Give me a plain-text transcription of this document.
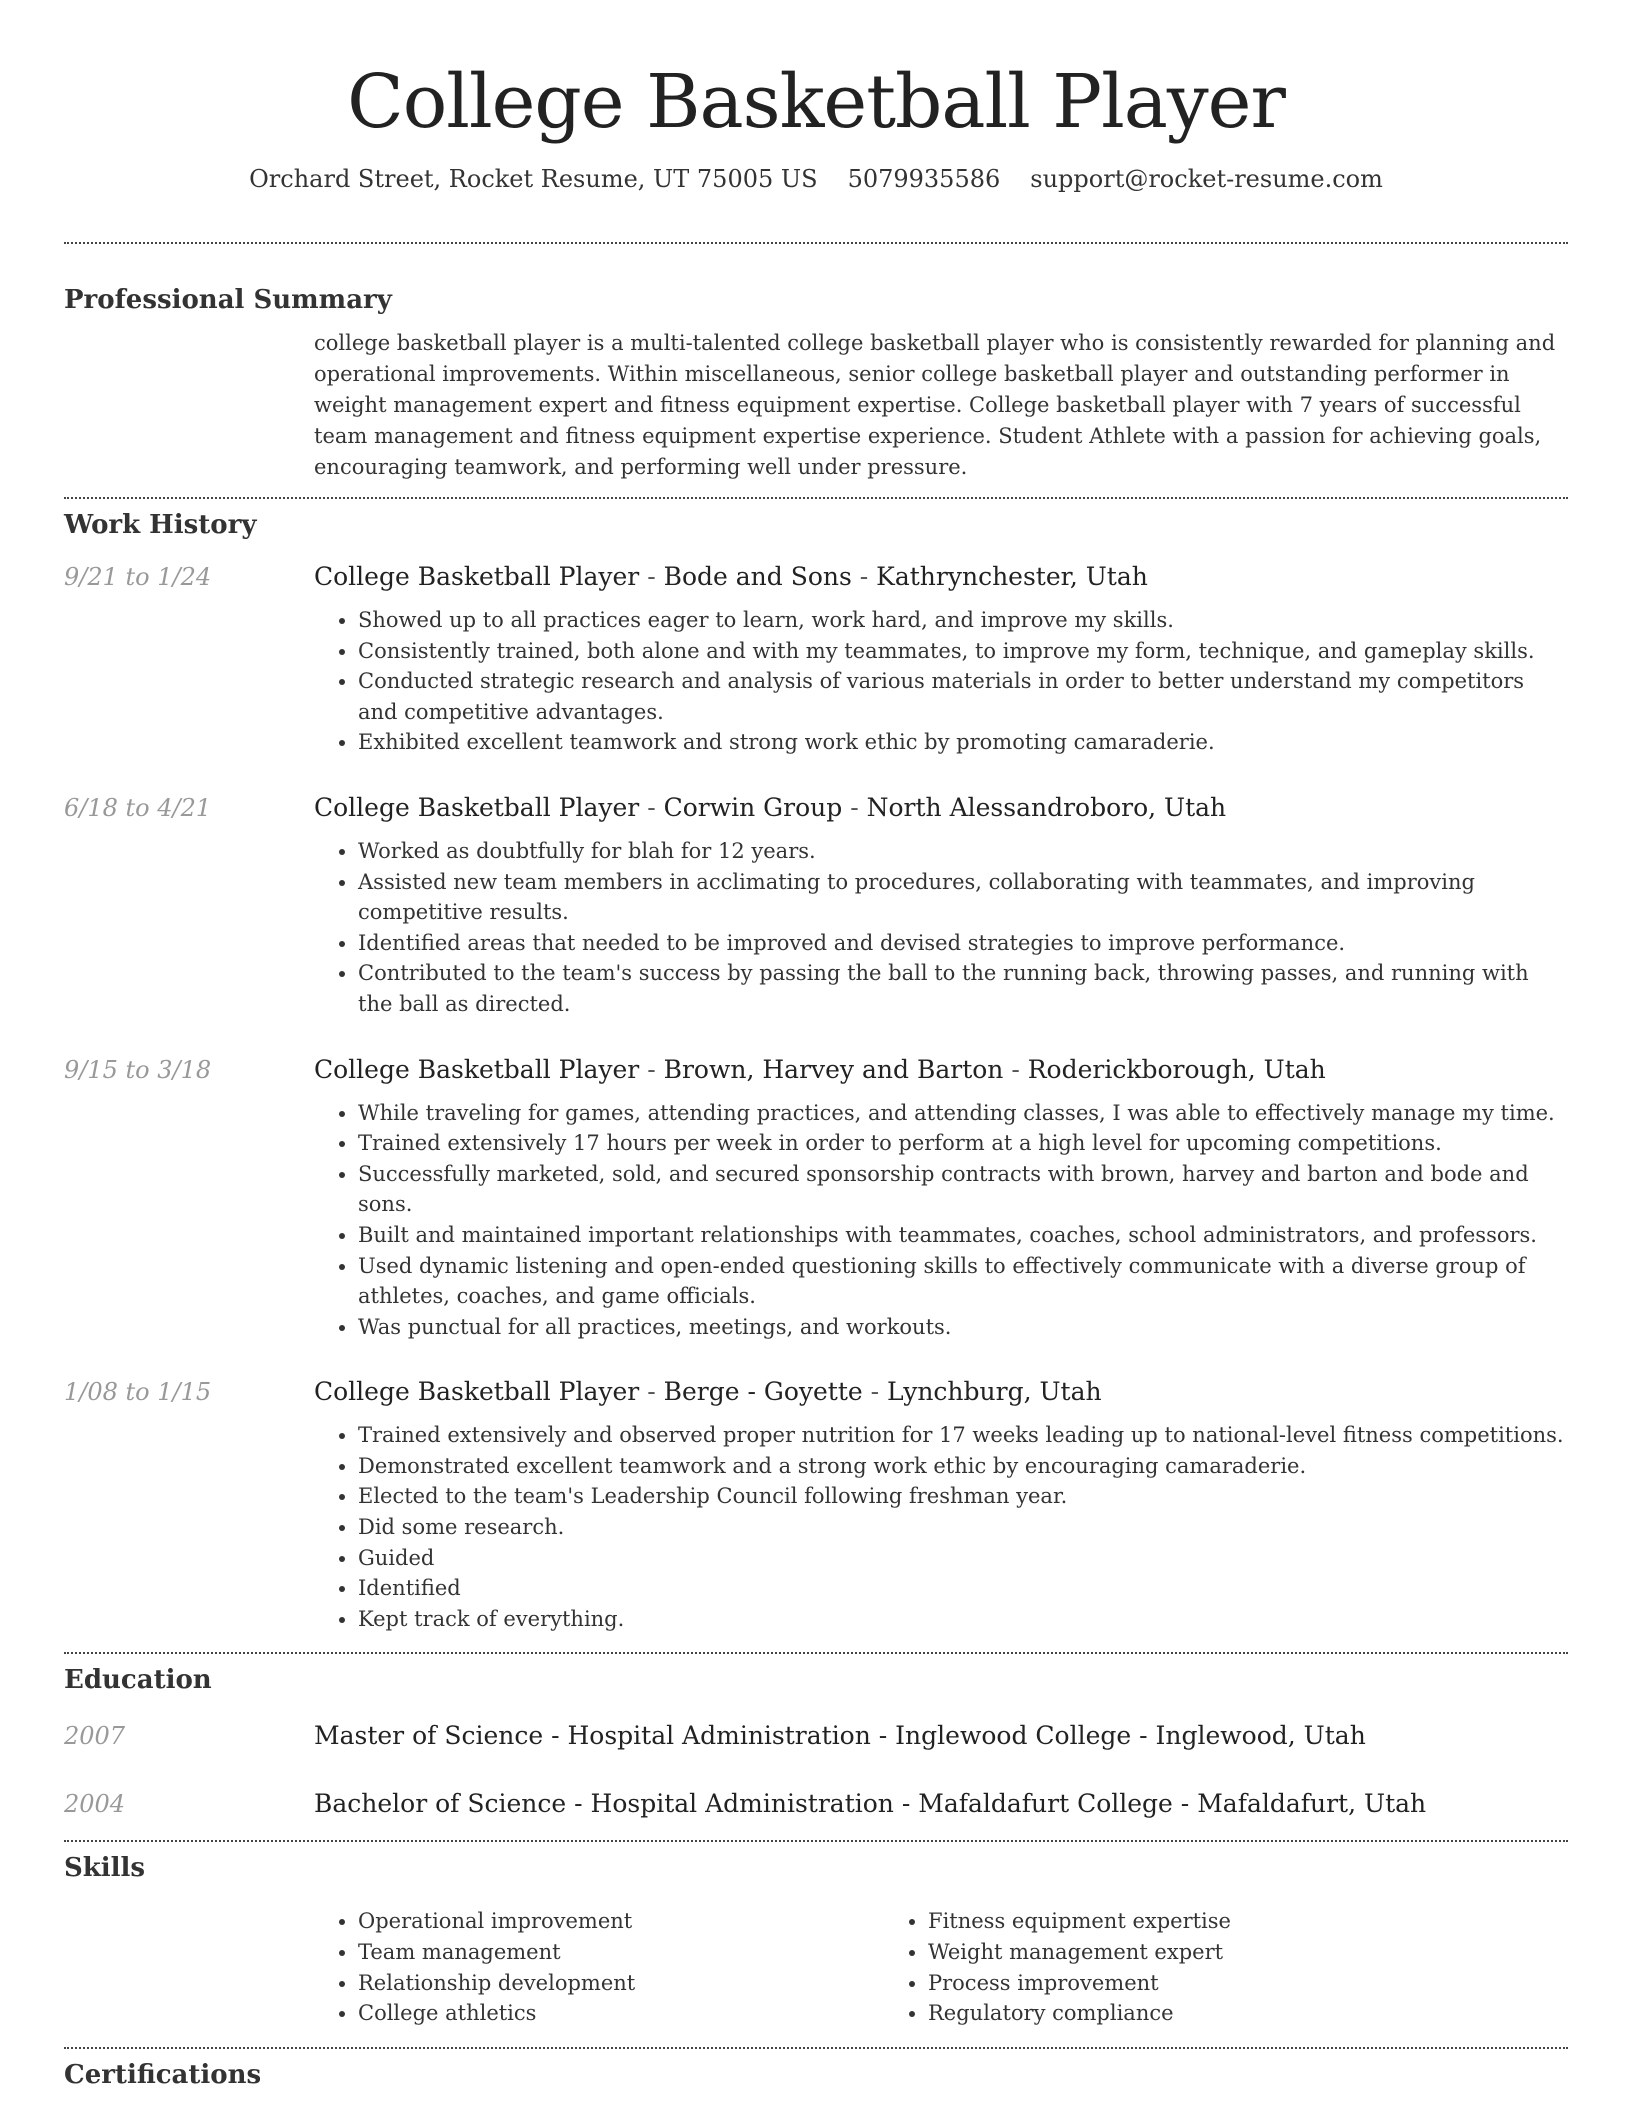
College Basketball Player
Orchard Street, Rocket Resume, UT 75005 US 5079935586 support@rocket-resume.com
Professional Summary

college basketball player is a multi-talented college basketball player who is consistently rewarded for planning and operational improvements. Within miscellaneous, senior college basketball player and outstanding performer in weight management expert and fitness equipment expertise. College basketball player with 7 years of successful team management and fitness equipment expertise experience. Student Athlete with a passion for achieving goals, encouraging teamwork, and performing well under pressure.

Work History
9/21 to 1/24	College Basketball Player - Bode and Sons - Kathrynchester, Utah

• Showed up to all practices eager to learn, work hard, and improve my skills.
• Consistently trained, both alone and with my teammates, to improve my form, technique, and gameplay skills.
• Conducted strategic research and analysis of various materials in order to better understand my competitors and competitive advantages.
• Exhibited excellent teamwork and strong work ethic by promoting camaraderie.
6/18 to 4/21	College Basketball Player - Corwin Group - North Alessandroboro, Utah

• Worked as doubtfully for blah for 12 years.
• Assisted new team members in acclimating to procedures, collaborating with teammates, and improving competitive results.
• Identified areas that needed to be improved and devised strategies to improve performance.
• Contributed to the team's success by passing the ball to the running back, throwing passes, and running with the ball as directed.
9/15 to 3/18	College Basketball Player - Brown, Harvey and Barton - Roderickborough, Utah

• While traveling for games, attending practices, and attending classes, I was able to effectively manage my time.
• Trained extensively 17 hours per week in order to perform at a high level for upcoming competitions.
• Successfully marketed, sold, and secured sponsorship contracts with brown, harvey and barton and bode and sons.
• Built and maintained important relationships with teammates, coaches, school administrators, and professors.
• Used dynamic listening and open-ended questioning skills to effectively communicate with a diverse group of athletes, coaches, and game officials.
• Was punctual for all practices, meetings, and workouts.
1/08 to 1/15	College Basketball Player - Berge - Goyette - Lynchburg, Utah

• Trained extensively and observed proper nutrition for 17 weeks leading up to national-level fitness competitions.
• Demonstrated excellent teamwork and a strong work ethic by encouraging camaraderie.
• Elected to the team's Leadership Council following freshman year.
• Did some research.
• Guided
• Identified
• Kept track of everything.
Education
2007	Master of Science - Hospital Administration - Inglewood College - Inglewood, Utah

2004	Bachelor of Science - Hospital Administration - Mafaldafurt College - Mafaldafurt, Utah

Skills
• Operational improvement
• Team management
• Relationship development
• College athletics
• Fitness equipment expertise
• Weight management expert
• Process improvement
• Regulatory compliance
Certifications
